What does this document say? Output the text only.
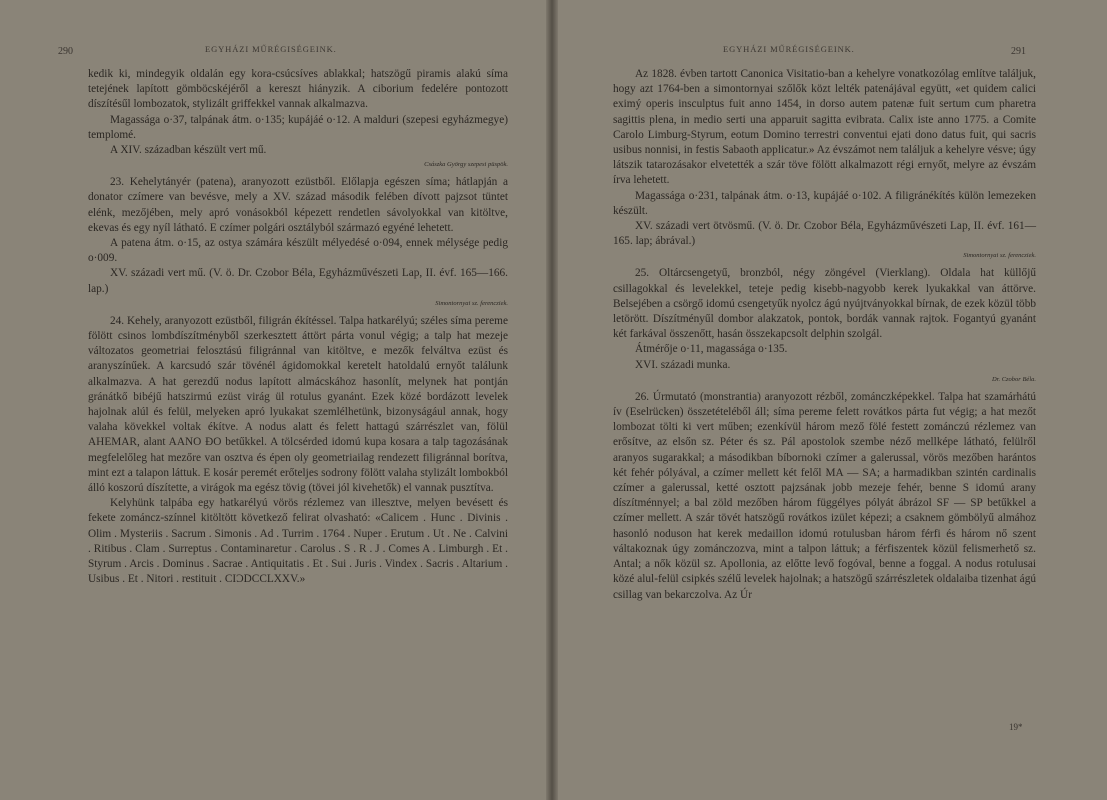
290	EGYHÁZI MŰRÉGISÉGEINK.

kedik ki, mindegyik oldalán egy kora-csúcsíves ablakkal; hatszögű piramis alakú síma tetejének lapított gömböcskéjéről a kereszt hiányzik. A ciborium fedelére pontozott díszítésűl lombozatok, stylizált griffekkel vannak alkalmazva.

Magassága o·37, talpának átm. o·135; kupájáé o·12. A malduri (szepesi egyházmegye) templomé.

A XIV. században készült vert mű.

Császka György szepesi püspök.

23. Kehelytányér (patena), aranyozott ezüstből. Előlapja egészen síma; hátlapján a donator czímere van bevésve, mely a XV. század második felében dívott pajzsot tüntet elénk, mezőjében, mely apró vonásokból képezett rendetlen sávolyokkal van kitöltve, ekevas és egy nyíl látható. E czímer polgári osztályból származó egyéné lehetett.

A patena átm. o·15, az ostya számára készült mélyedésé o·094, ennek mélysége pedig o·009.

XV. századi vert mű. (V. ö. Dr. Czobor Béla, Egyházművészeti Lap, II. évf. 165—166. lap.)

Simontornyai sz. ferencziek.

24. Kehely, aranyozott ezüstből, filigrán ékítéssel. Talpa hatkarélyú; széles síma pereme fölött csinos lombdíszítményből szerkesztett áttört párta vonul végig; a talp hat mezeje változatos geometriai felosztású filigránnal van kitöltve, e mezők felváltva ezüst és aranyszínűek. A karcsudó szár tövénél ágidomokkal keretelt hatoldalú ernyőt találunk alkalmazva. A hat gerezdű nodus lapított almácskához hasonlít, melynek hat pontján gránátkő bibéjű hatszirmú ezüst virág ül rotulus gyanánt. Ezek közé bordázott levelek hajolnak alúl és felül, melyeken apró lyukakat szemlélhetünk, bizonyságául annak, hogy valaha kövekkel voltak ékítve. A nodus alatt és felett hattagú szárrészlet van, fölül AHEMAR, alant AANO ÐO betűkkel. A tölcsérded idomú kupa kosara a talp tagozásának megfelelőleg hat mezőre van osztva és épen oly geometriailag rendezett filigránnal borítva, mint ezt a talapon láttuk. E kosár peremét erőteljes sodrony fölött valaha stylizált lombokból álló koszorú díszítette, a virágok ma egész tövig (tövei jól kivehetők) el vannak pusztítva.

Kelyhünk talpába egy hatkarélyú vörös rézlemez van illesztve, melyen bevésett és fekete zománcz-színnel kitöltött következő felirat olvasható: «Calicem . Hunc . Divinis . Olim . Mysteriis . Sacrum . Simonis . Ad . Turrim . 1764 . Nuper . Erutum . Ut . Ne . Calvini . Ritibus . Clam . Surreptus . Contaminaretur . Carolus . S . R . J . Comes A . Limburgh . Et . Styrum . Arcis . Dominus . Sacrae . Antiquitatis . Et . Sui . Juris . Vindex . Sacris . Altarium . Usibus . Et . Nitori . restituit . CIƆDCCLXXV.»

EGYHÁZI MŰRÉGISÉGEINK.	291

Az 1828. évben tartott Canonica Visitatio-ban a kehelyre vonatkozólag említve találjuk, hogy azt 1764-ben a simontornyai szőlők közt lelték patenájával együtt, «et quidem calici eximý operis insculptus fuit anno 1454, in dorso autem patenæ fuit sertum cum pharetra sagittis plena, in medio serti una apparuit sagitta evibrata. Calix iste anno 1775. a Comite Carolo Limburg-Styrum, eotum Domino terrestri conventui ejati dono datus fuit, qui sacris usibus nonnisi, in festis Sabaoth applicatur.» Az évszámot nem találjuk a kehelyre vésve; úgy látszik tatarozásakor elvetették a szár töve fölött alkalmazott régi ernyőt, melyre az évszám írva lehetett.

Magassága o·231, talpának átm. o·13, kupájáé o·102. A filigránékítés külön lemezeken készült.

XV. századi vert ötvösmű. (V. ö. Dr. Czobor Béla, Egyházművészeti Lap, II. évf. 161—165. lap; ábrával.)

Simontornyai sz. ferencziek.

25. Oltárcsengetyű, bronzból, négy zöngével (Vierklang). Oldala hat küllőjű csillagokkal és levelekkel, teteje pedig kisebb-nagyobb kerek lyukakkal van áttörve. Belsejében a csörgő idomú csengetyűk nyolcz ágú nyújtványokkal bírnak, de ezek közül több letörött. Díszítményűl dombor alakzatok, pontok, bordák vannak rajtok. Fogantyú gyanánt két farkával összenőtt, hasán összekapcsolt delphin szolgál.

Átmérője o·11, magassága o·135.

XVI. századi munka.

Dr. Czobor Béla.

26. Úrmutató (monstrantia) aranyozott rézből, zománczképekkel. Talpa hat szamárhátú ív (Eselrücken) összetételéből áll; síma pereme felett rovátkos párta fut végig; a hat mezőt lombozat tölti ki vert műben; ezenkívül három mező fölé festett zománczú rézlemez van erősítve, az elsőn sz. Péter és sz. Pál apostolok szembe néző mellképe látható, felülről aranyos sugarakkal; a másodikban bíbornoki czímer a galerussal, vörös mezőben harántos két fehér pólyával, a czímer mellett két felől MA — SA; a harmadikban szintén cardinalis czímer a galerussal, ketté osztott pajzsának jobb mezeje fehér, benne S idomú arany díszítménnyel; a bal zöld mezőben három függélyes pólyát ábrázol SF — SP betűkkel a czímer mellett. A szár tövét hatszögű rovátkos izület képezi; a csaknem gömbölyű almához hasonló noduson hat kerek medaillon idomú rotulusban három férfi és három nő szent váltakoznak úgy zománczozva, mint a talpon láttuk; a férfiszentek közül felismerhető sz. Antal; a nők közül sz. Apollonia, az előtte levő fogóval, benne a foggal. A nodus rotulusai közé alul-felül csipkés szélű levelek hajolnak; a hatszögű szárrészletek oldalaiba tizenhat ágú csillag van bekarczolva. Az Úr

19*
